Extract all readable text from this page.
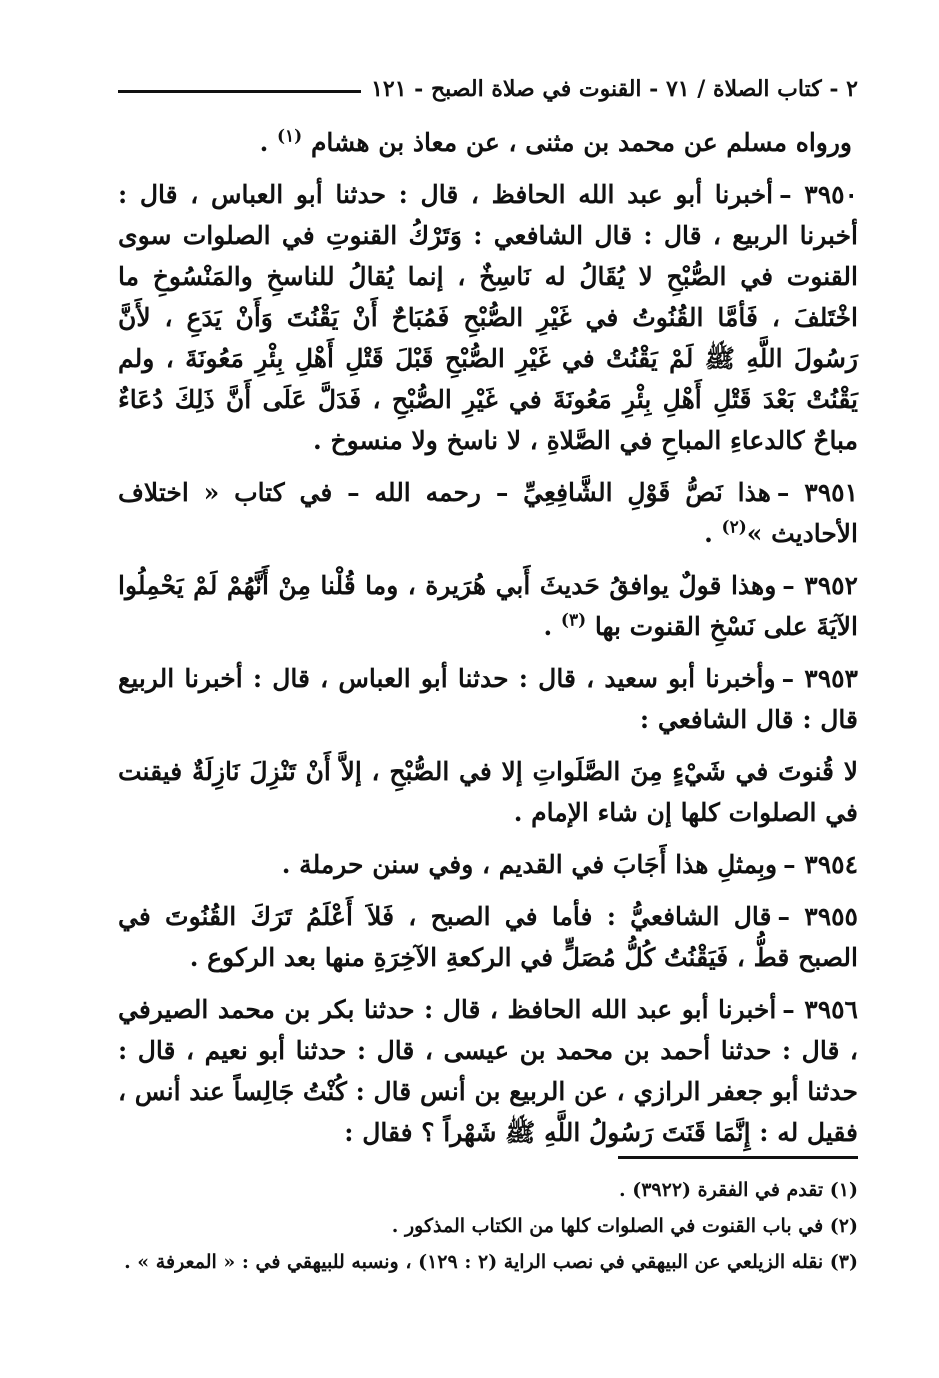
٢ - كتاب الصلاة / ٧١ - القنوت في صلاة الصبح - ١٢١

ورواه مسلم عن محمد بن مثنى ، عن معاذ بن هشام $^{(١)}$ .

٣٩٥٠ –أخبرنا أبو عبد الله الحافظ ، قال : حدثنا أبو العباس ، قال : أخبرنا الربيع ، قال : قال الشافعي : وَتَرْكُ القنوتِ في الصلوات سوى القنوت في الصُّبْحِ لا يُقَالُ له نَاسِخٌ ، إنما يُقالُ للناسخِ والمَنْسُوخِ ما اخْتَلفَ ، فَأمَّا القُنُوتُ في غَيْرِ الصُّبْحِ فَمُبَاحٌ أَنْ يَقْنُتَ وَأَنْ يَدَعِ ، لأَنَّ رَسُولَ اللَّهِ ﷺ لَمْ يَقْنُتْ في غَيْرِ الصُّبْحِ قَبْلَ قَتْلِ أَهْلِ بِئْرِ مَعُونَةَ ، ولم يَقْنُتْ بَعْدَ قَتْلِ أَهْلِ بِئْرِ مَعُونَةَ في غَيْرِ الصُّبْحِ ، فَدَلَّ عَلَى أَنَّ ذَلِكَ دُعَاءٌ مباحٌ كالدعاءِ المباحِ في الصَّلاةِ ، لا ناسخ ولا منسوخ .

٣٩٥١ –هذا نَصُّ قَوْلِ الشَّافِعِيِّ – رحمه الله – في كتاب « اختلاف الأحاديث »$^{(٢)}$ .

٣٩٥٢ –وهذا قولٌ يوافقُ حَديثَ أَبي هُرَيرة ، وما قُلْنا مِنْ أَنَّهُمْ لَمْ يَحْمِلُوا الآيَةَ على نَسْخِ القنوت بها $^{(٣)}$ .

٣٩٥٣ –وأخبرنا أبو سعيد ، قال : حدثنا أبو العباس ، قال : أخبرنا الربيع قال : قال الشافعي :

لا قُنوتَ في شَيْءٍ مِنَ الصَّلَواتِ إلا في الصُّبْحِ ، إلاَّ أَنْ تَنْزِلَ نَازِلَةٌ فيقنت في الصلوات كلها إن شاء الإمام .

٣٩٥٤ –وبِمثلِ هذا أَجَابَ في القديم ، وفي سنن حرملة .

٣٩٥٥ –قال الشافعيُّ : فأما في الصبح ، فَلاَ أَعْلَمُ تَرَكَ القُنُوتَ في الصبح قطُّ ، فَيَقْنُتُ كُلُّ مُصَلٍّ في الركعةِ الآخِرَةِ منها بعد الركوع .

٣٩٥٦ –أخبرنا أبو عبد الله الحافظ ، قال : حدثنا بكر بن محمد الصيرفي ، قال : حدثنا أحمد بن محمد بن عيسى ، قال : حدثنا أبو نعيم ، قال : حدثنا أبو جعفر الرازي ، عن الربيع بن أنس قال : كُنْتُ جَالِساً عند أنس ، فقيل له : إِنَّمَا قَنَتَ رَسُولُ اللَّهِ ﷺ شَهْراً ؟ فقال :

(١) تقدم في الفقرة (٣٩٢٢) .
(٢) في باب القنوت في الصلوات كلها من الكتاب المذكور .
(٣) نقله الزيلعي عن البيهقي في نصب الراية (٢ : ١٢٩) ، ونسبه للبيهقي في : « المعرفة » .
